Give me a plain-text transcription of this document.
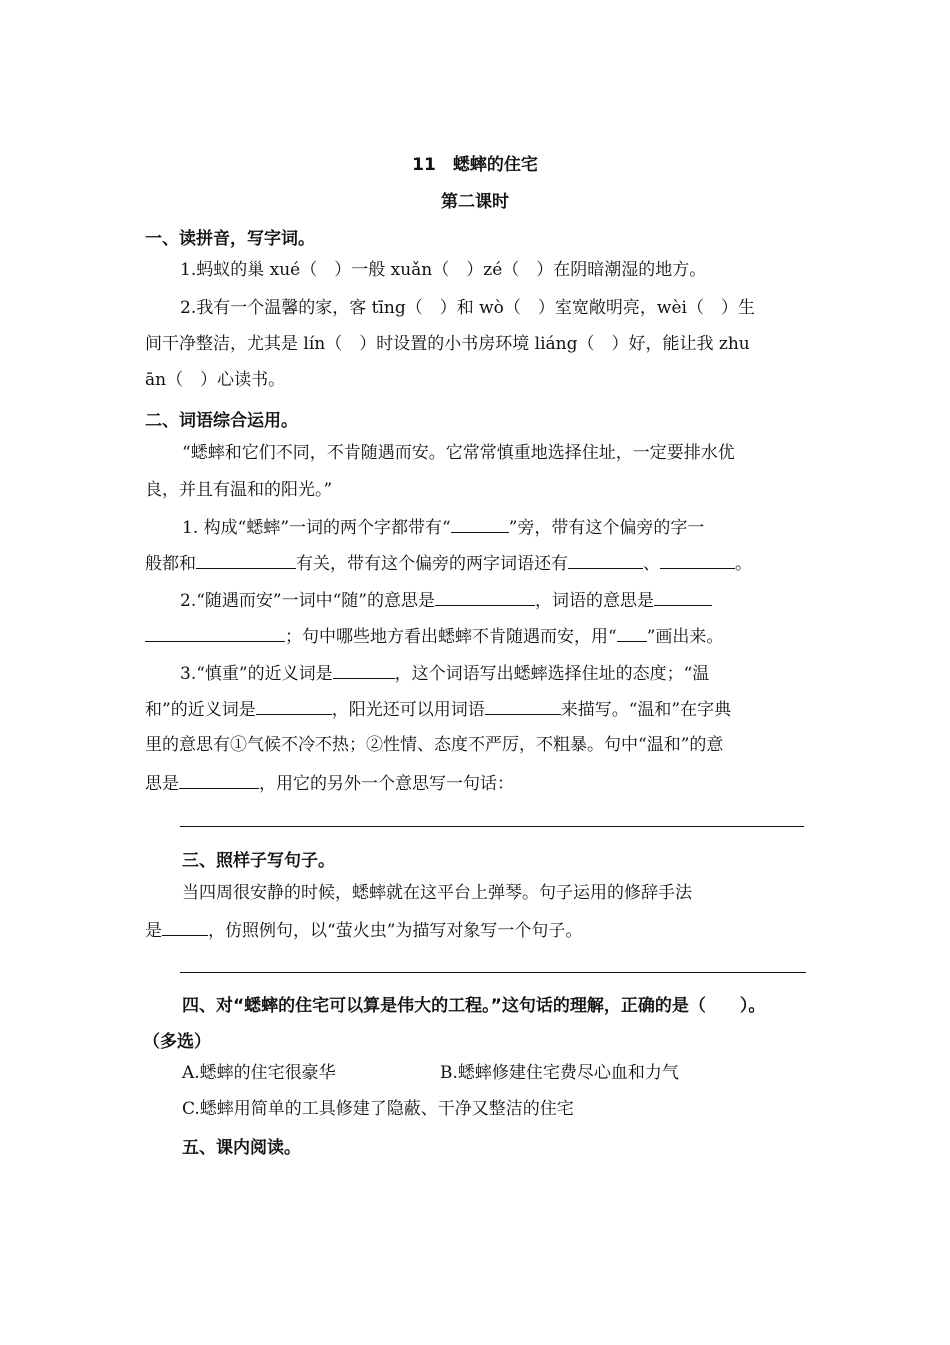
11　蟋蟀的住宅
第二课时
一、读拼音，写字词。
1.蚂蚁的巢 xué（　）一般 xuǎn（　）zé（　）在阴暗潮湿的地方。
2.我有一个温馨的家，客 tīng（　）和 wò（　）室宽敞明亮，wèi（　）生
间干净整洁，尤其是 lín（　）时设置的小书房环境 liáng（　）好，能让我 zhu
ān（　）心读书。
二、词语综合运用。
“蟋蟀和它们不同，不肯随遇而安。它常常慎重地选择住址，一定要排水优
良，并且有温和的阳光。”
1. 构成“蟋蟀”一词的两个字都带有“	”旁，带有这个偏旁的字一
般都和	有关，带有这个偏旁的两字词语还有	、	。
2.“随遇而安”一词中“随”的意思是	，词语的意思是
；句中哪些地方看出蟋蟀不肯随遇而安，用“ ”画出来。
3.“慎重”的近义词是	，这个词语写出蟋蟀选择住址的态度；“温
和”的近义词是	，阳光还可以用词语	来描写。“温和”在字典
里的意思有①气候不冷不热；②性情、态度不严厉，不粗暴。句中“温和”的意
思是	，用它的另外一个意思写一句话：
三、照样子写句子。
当四周很安静的时候，蟋蟀就在这平台上弹琴。句子运用的修辞手法
是	，仿照例句，以“萤火虫”为描写对象写一个句子。
四、对“蟋蟀的住宅可以算是伟大的工程。”这句话的理解，正确的是（　　）。
（多选）
A.蟋蟀的住宅很豪华	B.蟋蟀修建住宅费尽心血和力气
C.蟋蟀用简单的工具修建了隐蔽、干净又整洁的住宅
五、课内阅读。
